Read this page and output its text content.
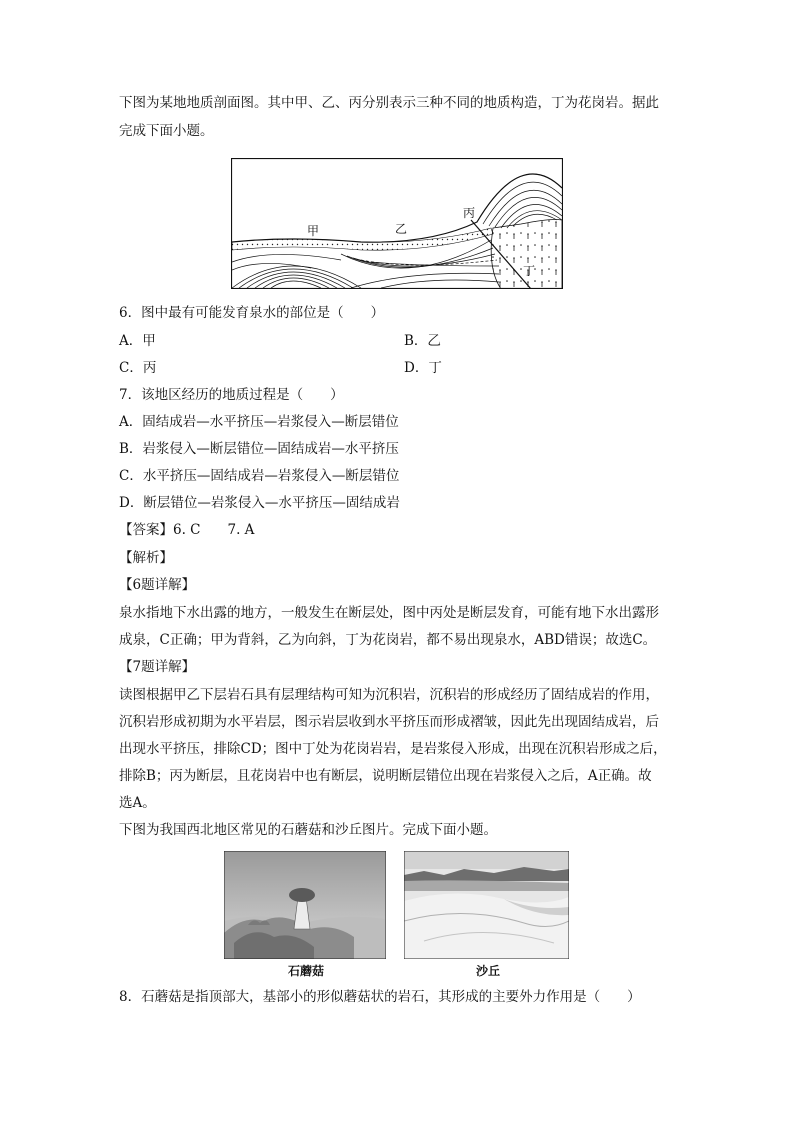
下图为某地地质剖面图。其中甲、乙、丙分别表示三种不同的地质构造，丁为花岗岩。据此
完成下面小题。
甲	乙
丙
丁
6．图中最有可能发育泉水的部位是（　　）
A．甲	B．乙
C．丙	D．丁
7．该地区经历的地质过程是（　　）
A．固结成岩—水平挤压—岩浆侵入—断层错位
B．岩浆侵入—断层错位—固结成岩—水平挤压
C．水平挤压—固结成岩—岩浆侵入—断层错位
D．断层错位—岩浆侵入—水平挤压—固结成岩
【答案】6. C　　7. A
【解析】
【6题详解】
泉水指地下水出露的地方，一般发生在断层处，图中丙处是断层发育，可能有地下水出露形
成泉，C正确；甲为背斜，乙为向斜，丁为花岗岩，都不易出现泉水，ABD错误；故选C。
【7题详解】
读图根据甲乙下层岩石具有层理结构可知为沉积岩，沉积岩的形成经历了固结成岩的作用，
沉积岩形成初期为水平岩层，图示岩层收到水平挤压而形成褶皱，因此先出现固结成岩，后
出现水平挤压，排除CD；图中丁处为花岗岩岩，是岩浆侵入形成，出现在沉积岩形成之后，
排除B；丙为断层，且花岗岩中也有断层，说明断层错位出现在岩浆侵入之后，A正确。故
选A。
下图为我国西北地区常见的石蘑菇和沙丘图片。完成下面小题。
石蘑菇	沙丘
8．石蘑菇是指顶部大，基部小的形似蘑菇状的岩石，其形成的主要外力作用是（　　）
